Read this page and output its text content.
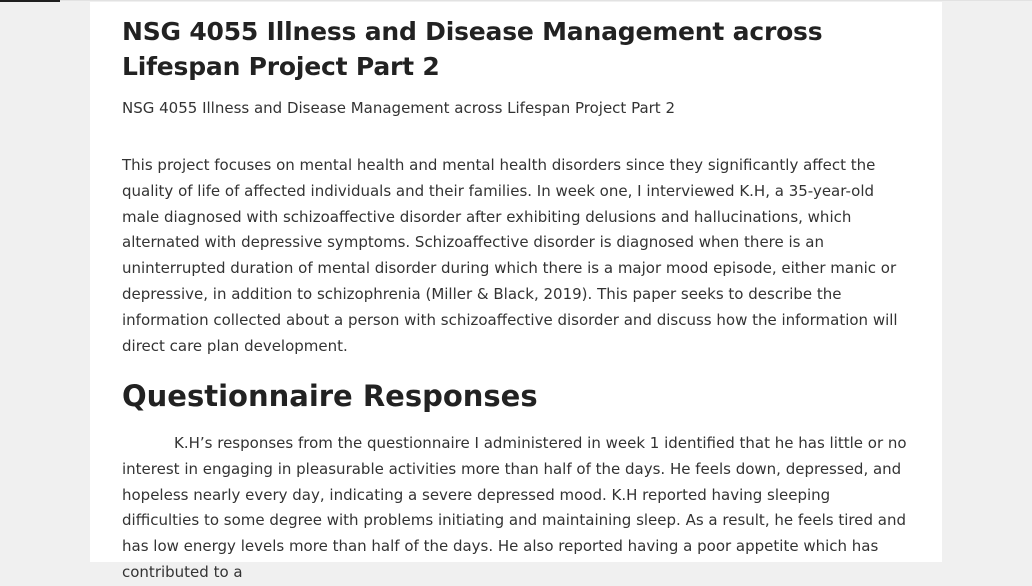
NSG 4055 Illness and Disease Management across Lifespan Project Part 2

NSG 4055 Illness and Disease Management across Lifespan Project Part 2

This project focuses on mental health and mental health disorders since they significantly affect the quality of life of affected individuals and their families. In week one, I interviewed K.H, a 35-year-old male diagnosed with schizoaffective disorder after exhibiting delusions and hallucinations, which alternated with depressive symptoms. Schizoaffective disorder is diagnosed when there is an uninterrupted duration of mental disorder during which there is a major mood episode, either manic or depressive, in addition to schizophrenia (Miller & Black, 2019). This paper seeks to describe the information collected about a person with schizoaffective disorder and discuss how the information will direct care plan development.

Questionnaire Responses

K.H’s responses from the questionnaire I administered in week 1 identified that he has little or no interest in engaging in pleasurable activities more than half of the days. He feels down, depressed, and hopeless nearly every day, indicating a severe depressed mood. K.H reported having sleeping difficulties to some degree with problems initiating and maintaining sleep. As a result, he feels tired and has low energy levels more than half of the days. He also reported having a poor appetite which has contributed to a
